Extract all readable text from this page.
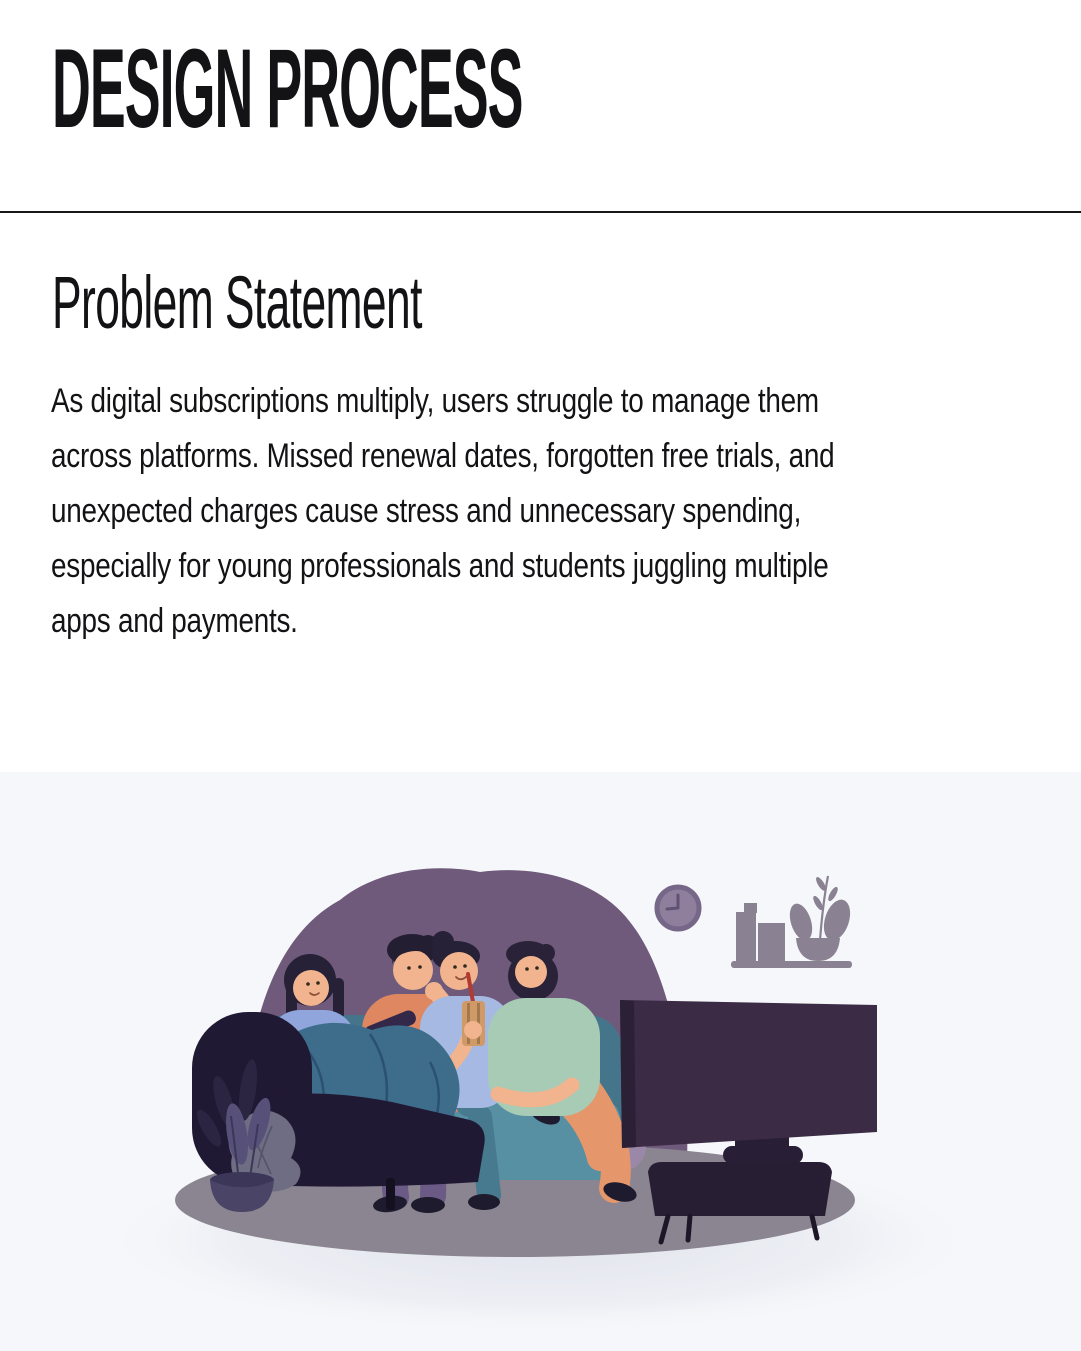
DESIGN PROCESS
Problem Statement
As digital subscriptions multiply, users struggle to manage them
across platforms. Missed renewal dates, forgotten free trials, and
unexpected charges cause stress and unnecessary spending,
especially for young professionals and students juggling multiple
apps and payments.
